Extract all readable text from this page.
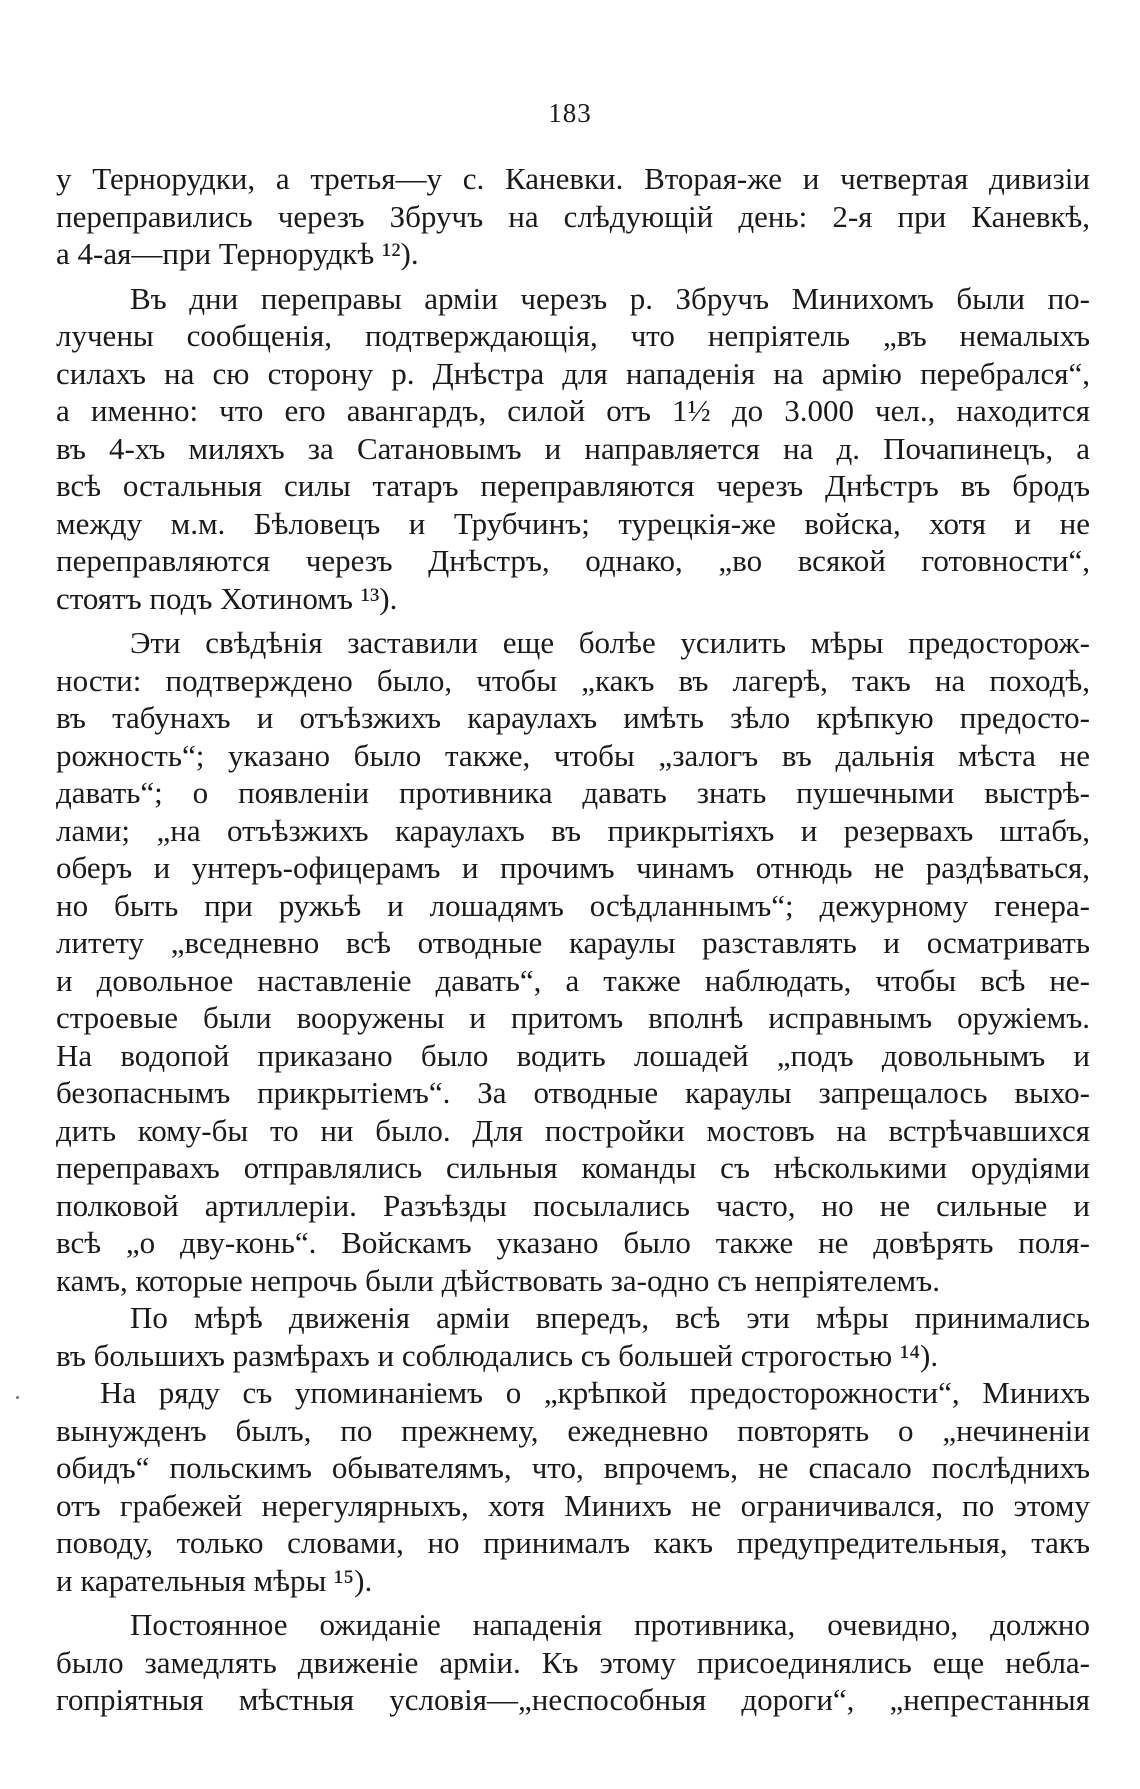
183
у Тернорудки, а третья—у с. Каневки. Вторая-же и четвертая дивизіи
переправились черезъ Збручъ на слѣдующій день: 2-я при Каневкѣ,
а 4-ая—при Тернорудкѣ ¹²).
Въ дни переправы арміи черезъ р. Збручъ Минихомъ были по-
лучены сообщенія, подтверждающія, что непріятель „въ немалыхъ
силахъ на сю сторону р. Днѣстра для нападенія на армію перебрался“,
а именно: что его авангардъ, силой отъ 1½ до 3.000 чел., находится
въ 4-хъ миляхъ за Сатановымъ и направляется на д. Почапинецъ, а
всѣ остальныя силы татаръ переправляются черезъ Днѣстръ въ бродъ
между м.м. Бѣловецъ и Трубчинъ; турецкія-же войска, хотя и не
переправляются черезъ Днѣстръ, однако, „во всякой готовности“,
стоятъ подъ Хотиномъ ¹³).
Эти свѣдѣнія заставили еще болѣе усилить мѣры предосторож-
ности: подтверждено было, чтобы „какъ въ лагерѣ, такъ на походѣ,
въ табунахъ и отъѣзжихъ караулахъ имѣть зѣло крѣпкую предосто-
рожность“; указано было также, чтобы „залогъ въ дальнія мѣста не
давать“; о появленіи противника давать знать пушечными выстрѣ-
лами; „на отъѣзжихъ караулахъ въ прикрытіяхъ и резервахъ штабъ,
оберъ и унтеръ-офицерамъ и прочимъ чинамъ отнюдь не раздѣваться,
но быть при ружьѣ и лошадямъ осѣдланнымъ“; дежурному генера-
литету „вседневно всѣ отводные караулы разставлять и осматривать
и довольное наставленіе давать“, а также наблюдать, чтобы всѣ не-
строевые были вооружены и притомъ вполнѣ исправнымъ оружіемъ.
На водопой приказано было водить лошадей „подъ довольнымъ и
безопаснымъ прикрытіемъ“. За отводные караулы запрещалось выхо-
дить кому-бы то ни было. Для постройки мостовъ на встрѣчавшихся
переправахъ отправлялись сильныя команды съ нѣсколькими орудіями
полковой артиллеріи. Разъѣзды посылались часто, но не сильные и
всѣ „о дву-конь“. Войскамъ указано было также не довѣрять поля-
камъ, которые непрочь были дѣйствовать за-одно съ непріятелемъ.
По мѣрѣ движенія арміи впередъ, всѣ эти мѣры принимались
въ большихъ размѣрахъ и соблюдались съ большей строгостью ¹⁴).
На ряду съ упоминаніемъ о „крѣпкой предосторожности“, Минихъ
вынужденъ былъ, по прежнему, ежедневно повторять о „нечиненіи
обидъ“ польскимъ обывателямъ, что, впрочемъ, не спасало послѣднихъ
отъ грабежей нерегулярныхъ, хотя Минихъ не ограничивался, по этому
поводу, только словами, но принималъ какъ предупредительныя, такъ
и карательныя мѣры ¹⁵).
Постоянное ожиданіе нападенія противника, очевидно, должно
было замедлять движеніе арміи. Къ этому присоединялись еще небла-
гопріятныя мѣстныя условія—„неспособныя дороги“, „непрестанныя
